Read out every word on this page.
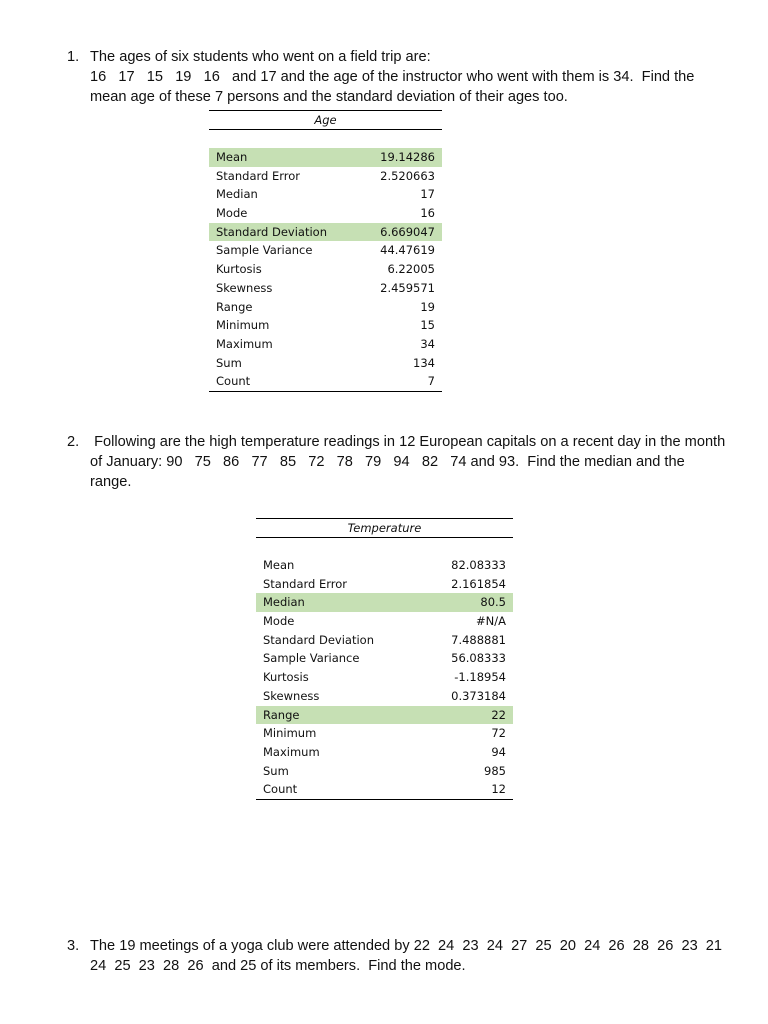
1. The ages of six students who went on a field trip are:
16   17   15   19   16   and 17 and the age of the instructor who went with them is 34.  Find the mean age of these 7 persons and the standard deviation of their ages too.
Age
Mean	19.14286
Standard Error	2.520663
Median	17
Mode	16
Standard Deviation	6.669047
Sample Variance	44.47619
Kurtosis	6.22005
Skewness	2.459571
Range	19
Minimum	15
Maximum	34
Sum	134
Count	7
2. Following are the high temperature readings in 12 European capitals on a recent day in the month of January: 90   75   86   77   85   72   78   79   94   82   74 and 93.  Find the median and the range.
Temperature
Mean	82.08333
Standard Error	2.161854
Median	80.5
Mode	#N/A
Standard Deviation	7.488881
Sample Variance	56.08333
Kurtosis	-1.18954
Skewness	0.373184
Range	22
Minimum	72
Maximum	94
Sum	985
Count	12
3. The 19 meetings of a yoga club were attended by 22  24  23  24  27  25  20  24  26  28  26  23  21  24  25  23  28  26  and 25 of its members.  Find the mode.
